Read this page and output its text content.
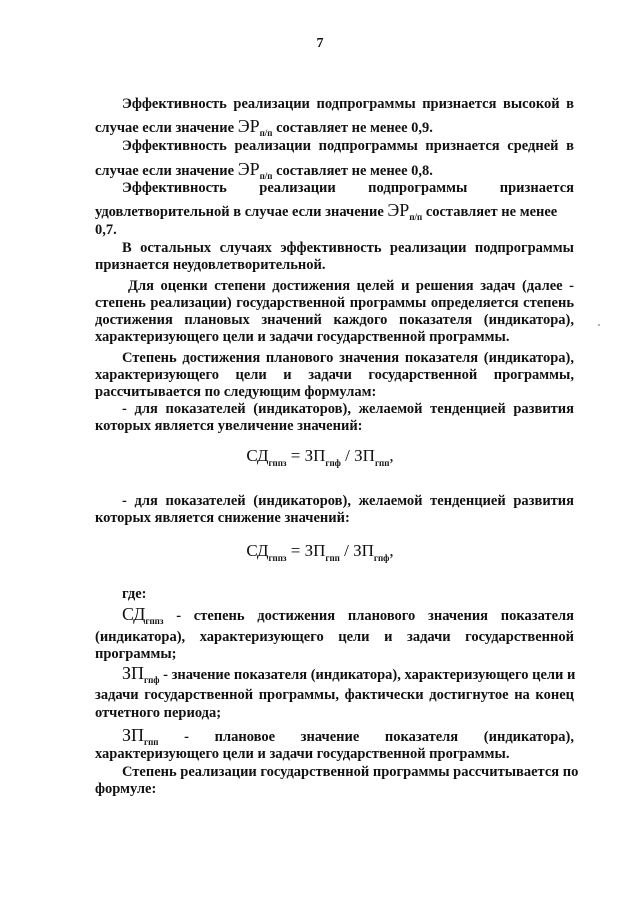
7
Эффективность реализации подпрограммы признается высокой в
случае если значение $ЭР_{п/п}$ составляет не менее 0,9.
Эффективность реализации подпрограммы признается средней в
случае если значение $ЭР_{п/п}$ составляет не менее 0,8.
Эффективность реализации подпрограммы признается
удовлетворительной в случае если значение $ЭР_{п/п}$ составляет не менее
0,7.
В остальных случаях эффективность реализации подпрограммы
признается неудовлетворительной.
Для оценки степени достижения целей и решения задач (далее -
степень реализации) государственной программы определяется степень
достижения плановых значений каждого показателя (индикатора),
характеризующего цели и задачи государственной программы.
Степень достижения планового значения показателя (индикатора),
характеризующего цели и задачи государственной программы,
рассчитывается по следующим формулам:
- для показателей (индикаторов), желаемой тенденцией развития
которых является увеличение значений:
$СД_{гппз} = ЗП_{гпф} / ЗП_{гпп}$,
- для показателей (индикаторов), желаемой тенденцией развития
которых является снижение значений:
$СД_{гппз} = ЗП_{гпп} / ЗП_{гпф}$,
где:
$СД_{гппз}$ - степень достижения планового значения показателя
(индикатора), характеризующего цели и задачи государственной
программы;
$ЗП_{гпф}$ - значение показателя (индикатора), характеризующего цели и
задачи государственной программы, фактически достигнутое на конец
отчетного периода;
$ЗП_{гпп}$ - плановое значение показателя (индикатора),
характеризующего цели и задачи государственной программы.
Степень реализации государственной программы рассчитывается по
формуле:
